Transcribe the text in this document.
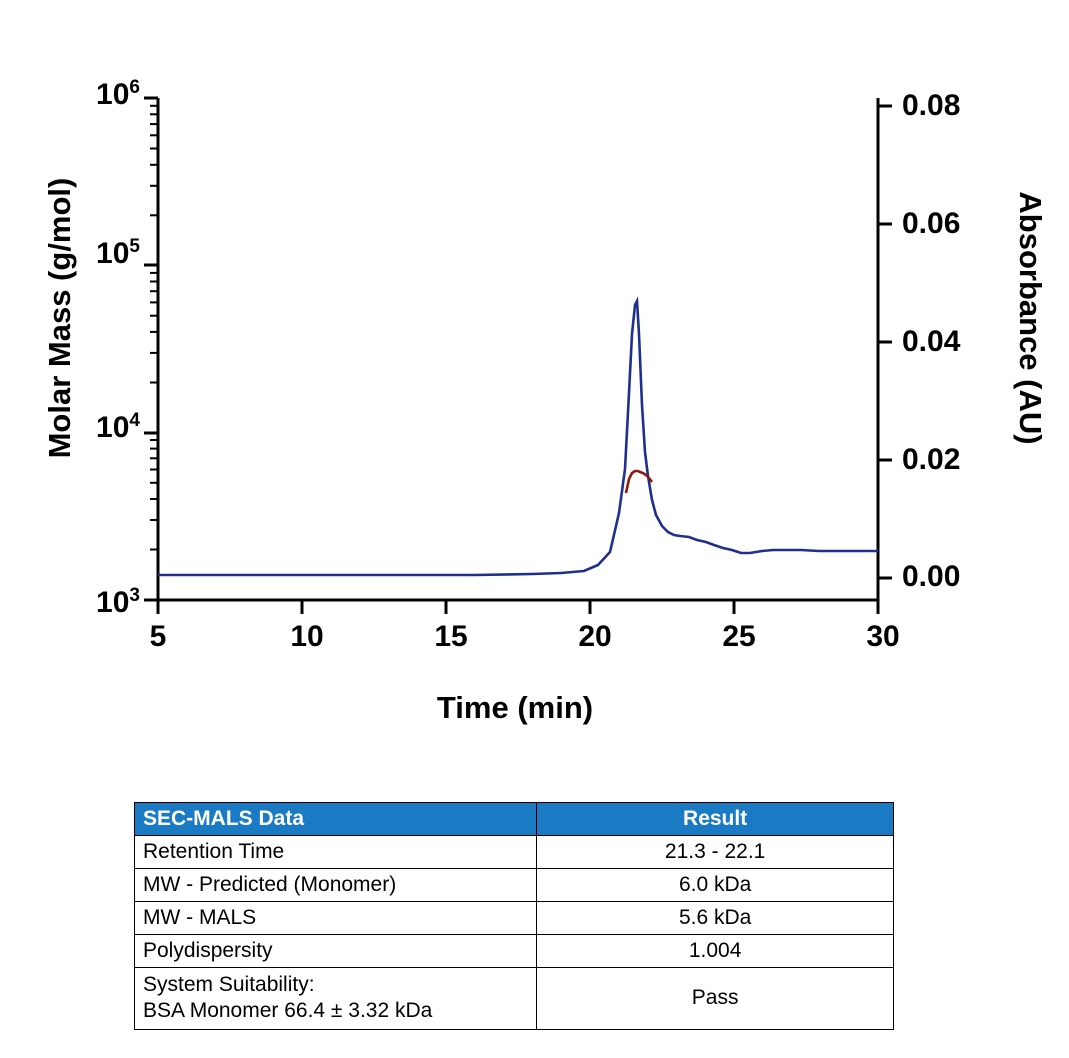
Molar Mass (g/mol)	Absorbance (AU)
Time (min)
$10^3$
$10^4$
$10^5$
$10^6$
0.00
0.02
0.04
0.06
0.08
5	10	15	20	25	30
SEC-MALS Data	Result
Retention Time	21.3 - 22.1
MW - Predicted (Monomer)	6.0 kDa
MW - MALS	5.6 kDa
Polydispersity	1.004

System Suitability:
BSA Monomer 66.4 ± 3.32 kDa	Pass
